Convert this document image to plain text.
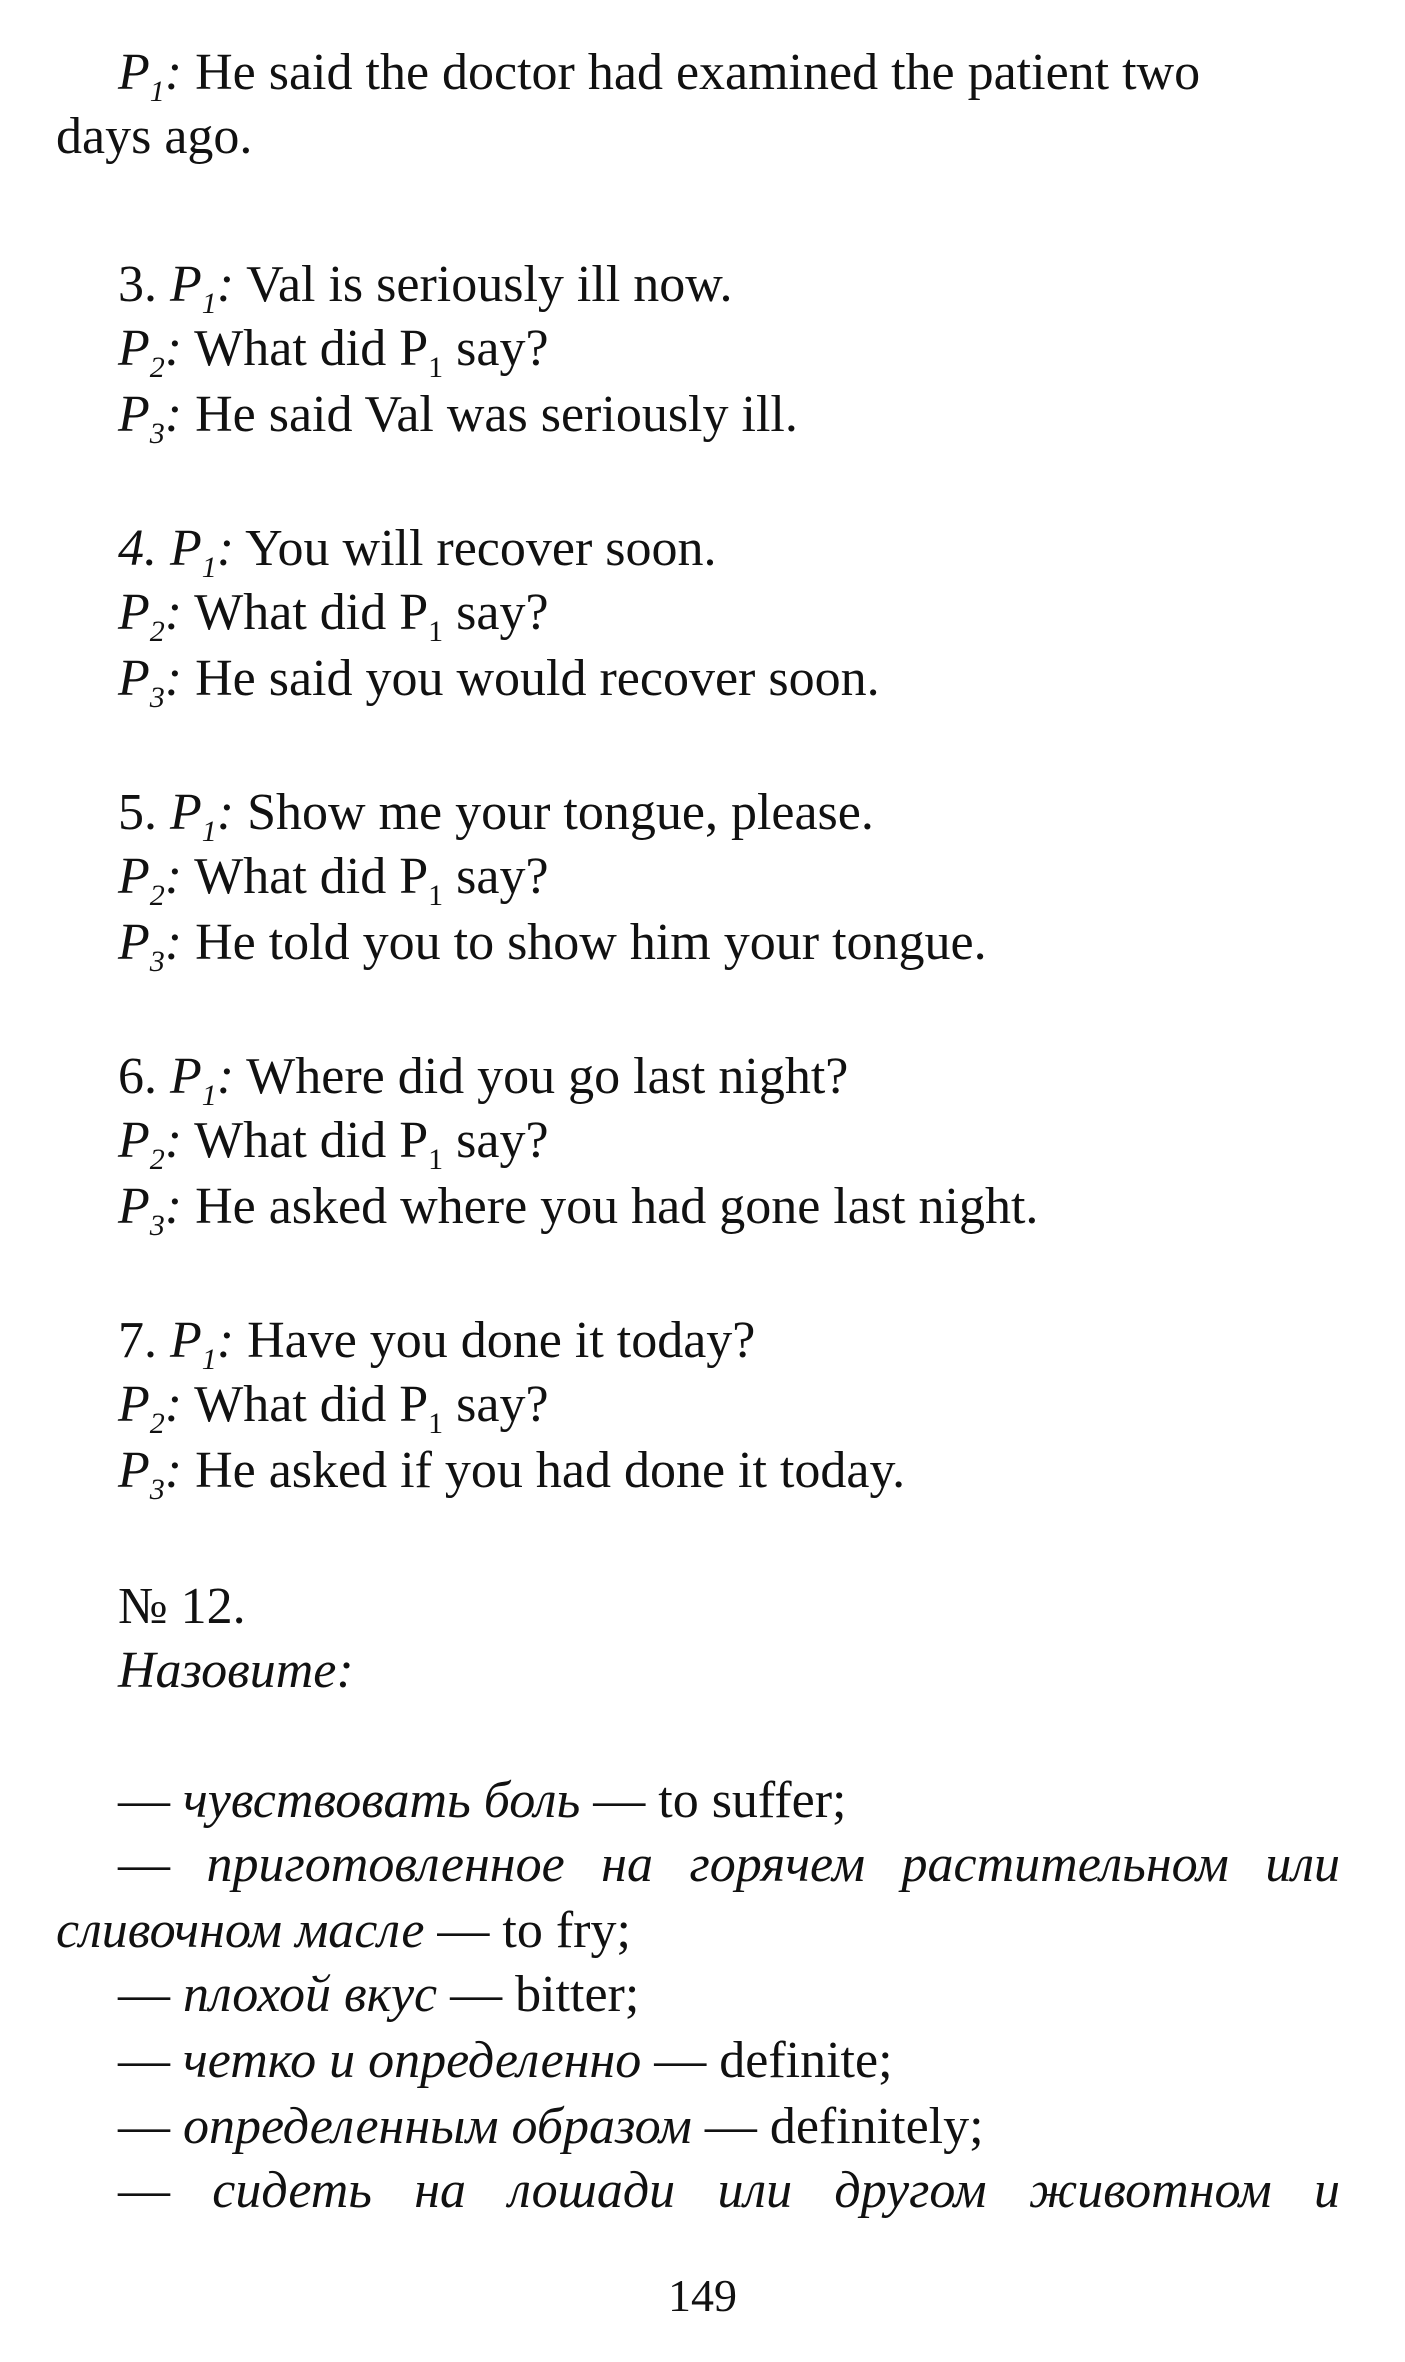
$P_1$: He said the doctor had examined the patient two
days ago.
3. $P_1$: Val is seriously ill now.
$P_2$: What did $P_1$ say?
$P_3$: He said Val was seriously ill.
4. $P_1$: You will recover soon.
$P_2$: What did $P_1$ say?
$P_3$: He said you would recover soon.
5. $P_1$: Show me your tongue, please.
$P_2$: What did $P_1$ say?
$P_3$: He told you to show him your tongue.
6. $P_1$: Where did you go last night?
$P_2$: What did $P_1$ say?
$P_3$: He asked where you had gone last night.
7. $P_1$: Have you done it today?
$P_2$: What did $P_1$ say?
$P_3$: He asked if you had done it today.
№ 12.
Назовите:
— чувствовать боль — to suffer;
— приготовленное на горячем растительном или
сливочном масле — to fry;
— плохой вкус — bitter;
— четко и определенно — definite;
— определенным образом — definitely;
— сидеть на лошади или другом животном и
149
